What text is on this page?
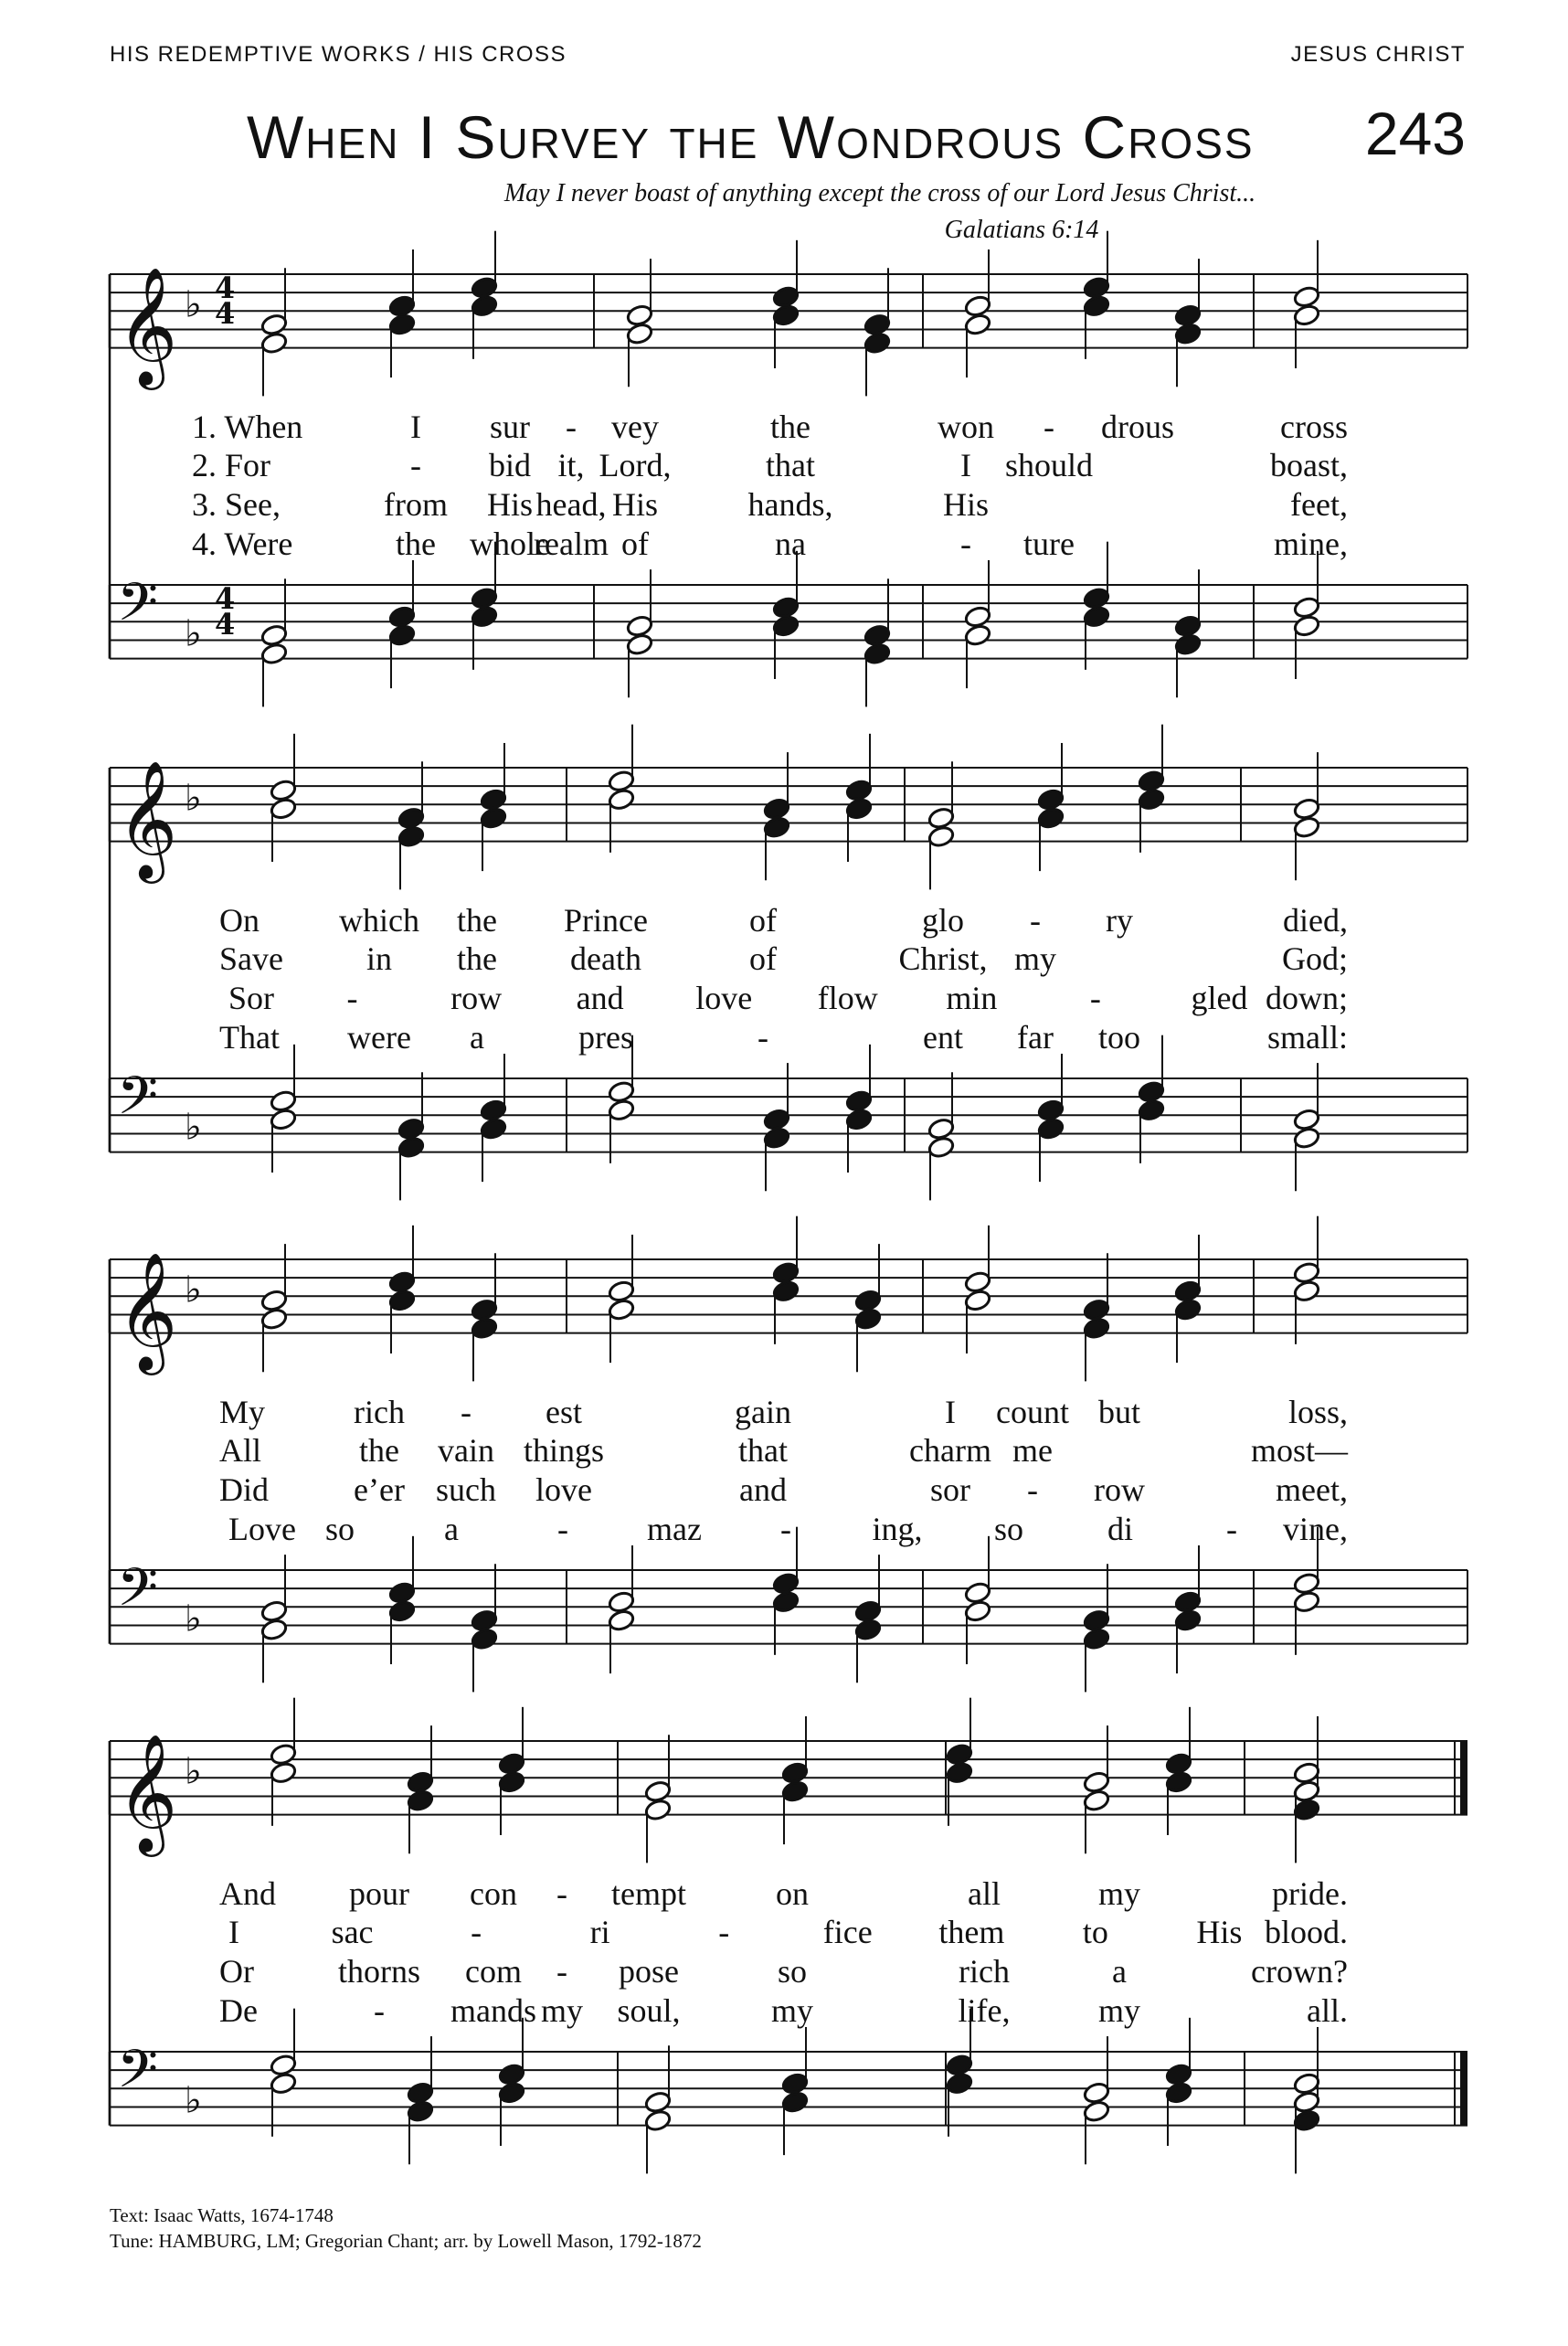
HIS REDEMPTIVE WORKS / HIS CROSS	JESUS CHRIST
When I Survey the Wondrous Cross 243
May I never boast of anything except the cross of our Lord Jesus Christ...
Galatians 6:14
𝄞 ♭ 4
4
𝄢 ♭
4
4
𝄞 ♭
𝄢 ♭
𝄞 ♭
𝄢 ♭
𝄞 ♭
𝄢 ♭
1. When	I sur - vey	the	won - drous	cross
2. For	- bid it, Lord,	that	I should	boast,
3. See,	from His head, His	hands,	His	feet,
4. Were	the whole
realm of	na	- ture	mine,
On which the Prince	of	glo - ry	died,
Save	in the death	of	Christ, my	God;
Sor -	row and love flow min	-	gled down;
That were a	pres	-	ent far too	small:
My	rich - est	gain	I count but	loss,
All	the vain things	that	charm me	most—
Did	e’er such love	and	sor - row	meet,
Love so	a	- maz - ing, so	di	- vine,
And pour con - tempt	on	all	my	pride.
I	sac	-	ri	-	fice them to	His blood.
Or	thorns com - pose	so	rich	a	crown?
De	- mands my soul,	my	life,	my	all.
Text: Isaac Watts, 1674-1748
Tune: HAMBURG, LM; Gregorian Chant; arr. by Lowell Mason, 1792-1872
